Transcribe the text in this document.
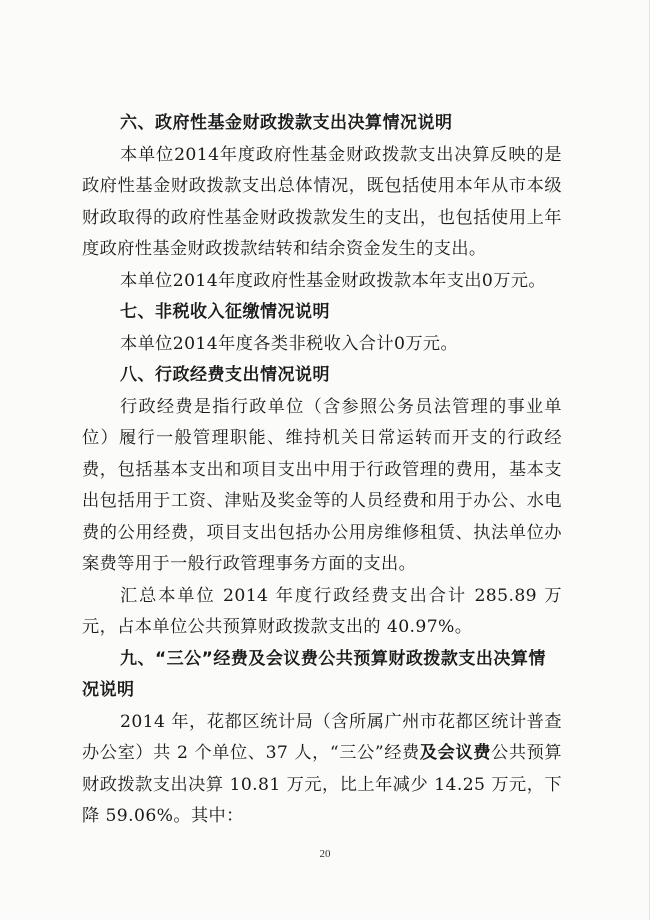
六、政府性基金财政拨款支出决算情况说明

本单位2014年度政府性基金财政拨款支出决算反映的是政府性基金财政拨款支出总体情况，既包括使用本年从市本级财政取得的政府性基金财政拨款发生的支出，也包括使用上年度政府性基金财政拨款结转和结余资金发生的支出。

本单位2014年度政府性基金财政拨款本年支出0万元。

七、非税收入征缴情况说明

本单位2014年度各类非税收入合计0万元。

八、行政经费支出情况说明

行政经费是指行政单位（含参照公务员法管理的事业单位）履行一般管理职能、维持机关日常运转而开支的行政经费，包括基本支出和项目支出中用于行政管理的费用，基本支出包括用于工资、津贴及奖金等的人员经费和用于办公、水电费的公用经费，项目支出包括办公用房维修租赁、执法单位办案费等用于一般行政管理事务方面的支出。

汇总本单位 2014 年度行政经费支出合计 285.89 万元，占本单位公共预算财政拨款支出的 40.97%。

九、“三公”经费及会议费公共预算财政拨款支出决算情况说明

2014 年，花都区统计局（含所属广州市花都区统计普查办公室）共 2 个单位、37 人，“三公”经费及会议费公共预算财政拨款支出决算 10.81 万元，比上年减少 14.25 万元，下降 59.06%。其中：

20
